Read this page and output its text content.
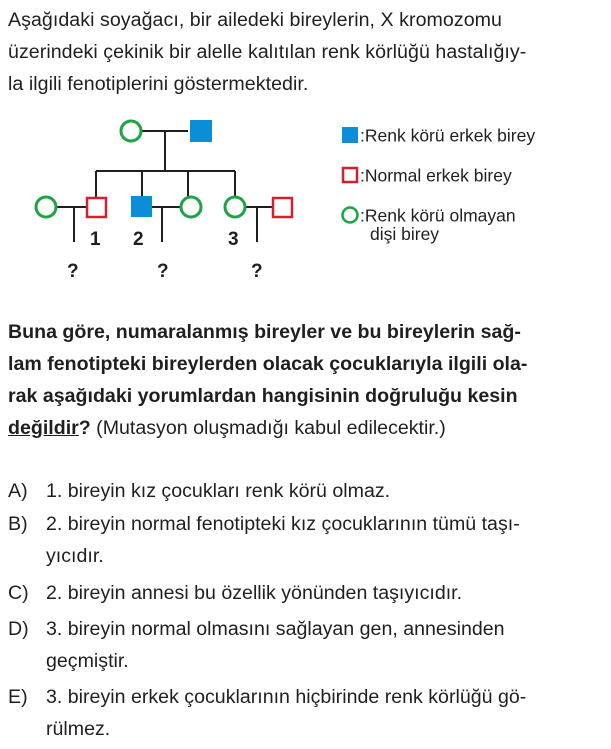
Aşağıdaki soyağacı, bir ailedeki bireylerin, X kromozomu
üzerindeki çekinik bir alelle kalıtılan renk körlüğü hastalığıy-
la ilgili fenotiplerini göstermektedir.
1 2	3
?	?	?
:Renk körü erkek birey
:Normal erkek birey
:Renk körü olmayan
dişi birey
Buna göre, numaralanmış bireyler ve bu bireylerin sağ-
lam fenotipteki bireylerden olacak çocuklarıyla ilgili ola-
rak aşağıdaki yorumlardan hangisinin doğruluğu kesin
değildir? (Mutasyon oluşmadığı kabul edilecektir.)
A) 1. bireyin kız çocukları renk körü olmaz.
B) 2. bireyin normal fenotipteki kız çocuklarının tümü taşı-
yıcıdır.
C) 2. bireyin annesi bu özellik yönünden taşıyıcıdır.
D) 3. bireyin normal olmasını sağlayan gen, annesinden
geçmiştir.
E) 3. bireyin erkek çocuklarının hiçbirinde renk körlüğü gö-
rülmez.
